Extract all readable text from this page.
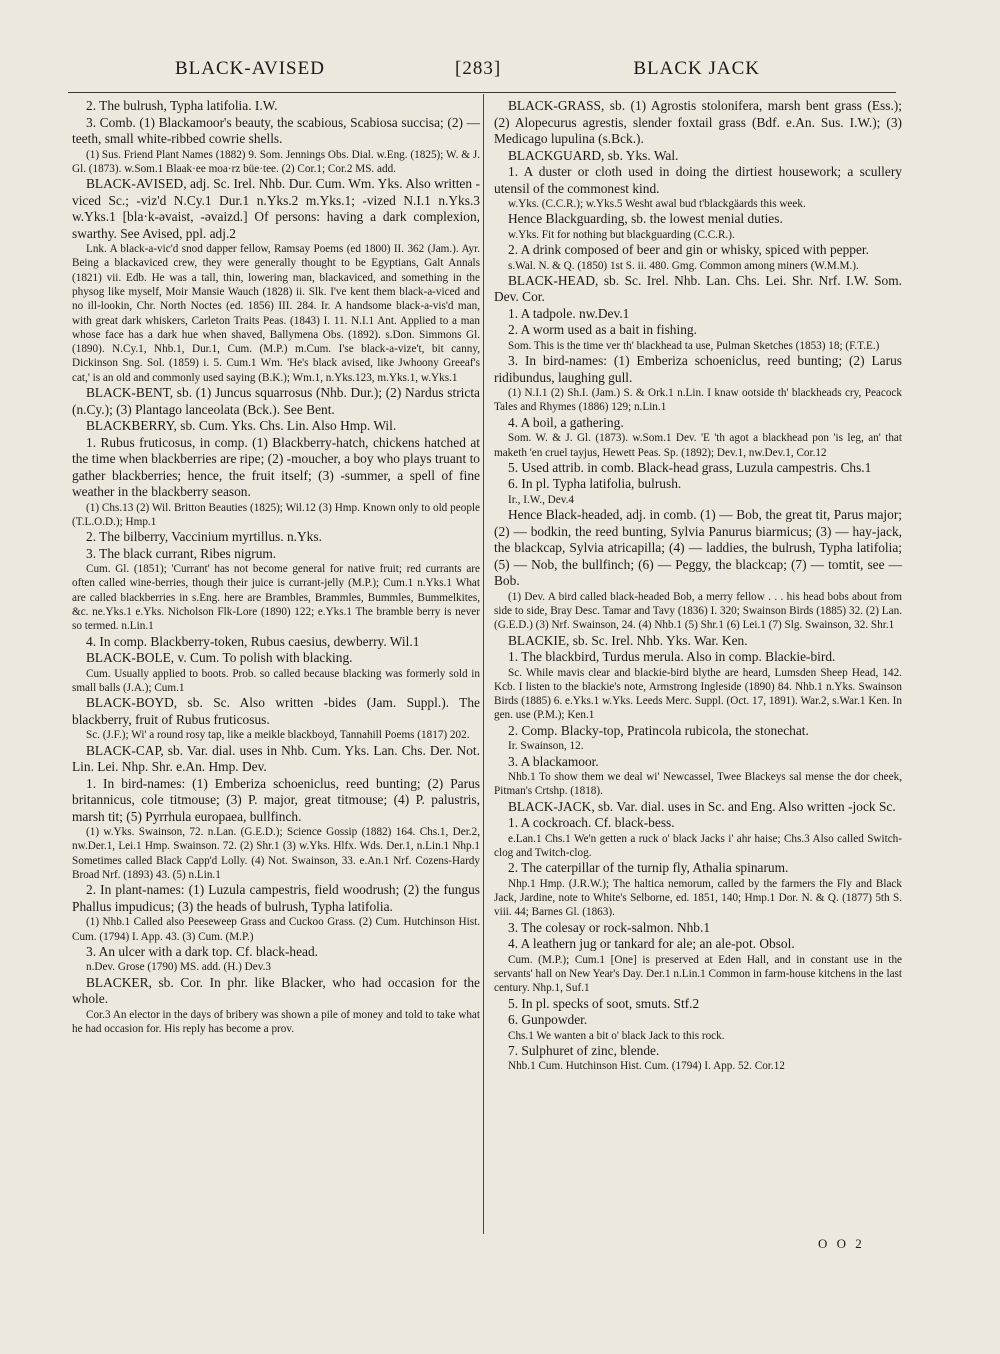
BLACK-AVISED	[283]	BLACK JACK

2. The bulrush, Typha latifolia. I.W.

3. Comb. (1) Blackamoor's beauty, the scabious, Scabiosa succisa; (2) — teeth, small white-ribbed cowrie shells.

(1) Sus. Friend Plant Names (1882) 9. Som. Jennings Obs. Dial. w.Eng. (1825); W. & J. Gl. (1873). w.Som.1 Blaak·ee moa·rz büe·tee. (2) Cor.1; Cor.2 MS. add.

BLACK-AVISED, adj. Sc. Irel. Nhb. Dur. Cum. Wm. Yks. Also written -viced Sc.; -viz'd N.Cy.1 Dur.1 n.Yks.2 m.Yks.1; -vized N.I.1 n.Yks.3 w.Yks.1 [bla·k-əvaist, -əvaizd.] Of persons: having a dark complexion, swarthy. See Avised, ppl. adj.2

Lnk. A black-a-vic'd snod dapper fellow, Ramsay Poems (ed 1800) II. 362 (Jam.). Ayr. Being a blackaviced crew, they were generally thought to be Egyptians, Galt Annals (1821) vii. Edb. He was a tall, thin, lowering man, blackaviced, and something in the physog like myself, Moir Mansie Wauch (1828) ii. Slk. I've kent them black-a-viced and no ill-lookin, Chr. North Noctes (ed. 1856) III. 284. Ir. A handsome black-a-vis'd man, with great dark whiskers, Carleton Traits Peas. (1843) I. 11. N.I.1 Ant. Applied to a man whose face has a dark hue when shaved, Ballymena Obs. (1892). s.Don. Simmons Gl. (1890). N.Cy.1, Nhb.1, Dur.1, Cum. (M.P.) m.Cum. I'se black-a-vize't, bit canny, Dickinson Sng. Sol. (1859) i. 5. Cum.1 Wm. 'He's black avised, like Jwhoony Greeaf's cat,' is an old and commonly used saying (B.K.); Wm.1, n.Yks.123, m.Yks.1, w.Yks.1

BLACK-BENT, sb. (1) Juncus squarrosus (Nhb. Dur.); (2) Nardus stricta (n.Cy.); (3) Plantago lanceolata (Bck.). See Bent.

BLACKBERRY, sb. Cum. Yks. Chs. Lin. Also Hmp. Wil.

1. Rubus fruticosus, in comp. (1) Blackberry-hatch, chickens hatched at the time when blackberries are ripe; (2) -moucher, a boy who plays truant to gather blackberries; hence, the fruit itself; (3) -summer, a spell of fine weather in the blackberry season.

(1) Chs.13 (2) Wil. Britton Beauties (1825); Wil.12 (3) Hmp. Known only to old people (T.L.O.D.); Hmp.1

2. The bilberry, Vaccinium myrtillus. n.Yks.

3. The black currant, Ribes nigrum.

Cum. Gl. (1851); 'Currant' has not become general for native fruit; red currants are often called wine-berries, though their juice is currant-jelly (M.P.); Cum.1 n.Yks.1 What are called blackberries in s.Eng. here are Brambles, Brammles, Bummles, Bummelkites, &c. ne.Yks.1 e.Yks. Nicholson Flk-Lore (1890) 122; e.Yks.1 The bramble berry is never so termed. n.Lin.1

4. In comp. Blackberry-token, Rubus caesius, dewberry. Wil.1

BLACK-BOLE, v. Cum. To polish with blacking.

Cum. Usually applied to boots. Prob. so called because blacking was formerly sold in small balls (J.A.); Cum.1

BLACK-BOYD, sb. Sc. Also written -bides (Jam. Suppl.). The blackberry, fruit of Rubus fruticosus.

Sc. (J.F.); Wi' a round rosy tap, like a meikle blackboyd, Tannahill Poems (1817) 202.

BLACK-CAP, sb. Var. dial. uses in Nhb. Cum. Yks. Lan. Chs. Der. Not. Lin. Lei. Nhp. Shr. e.An. Hmp. Dev.

1. In bird-names: (1) Emberiza schoeniclus, reed bunting; (2) Parus britannicus, cole titmouse; (3) P. major, great titmouse; (4) P. palustris, marsh tit; (5) Pyrrhula europaea, bullfinch.

(1) w.Yks. Swainson, 72. n.Lan. (G.E.D.); Science Gossip (1882) 164. Chs.1, Der.2, nw.Der.1, Lei.1 Hmp. Swainson. 72. (2) Shr.1 (3) w.Yks. Hlfx. Wds. Der.1, n.Lin.1 Nhp.1 Sometimes called Black Capp'd Lolly. (4) Not. Swainson, 33. e.An.1 Nrf. Cozens-Hardy Broad Nrf. (1893) 43. (5) n.Lin.1

2. In plant-names: (1) Luzula campestris, field woodrush; (2) the fungus Phallus impudicus; (3) the heads of bulrush, Typha latifolia.

(1) Nhb.1 Called also Peeseweep Grass and Cuckoo Grass. (2) Cum. Hutchinson Hist. Cum. (1794) I. App. 43. (3) Cum. (M.P.)

3. An ulcer with a dark top. Cf. black-head.

n.Dev. Grose (1790) MS. add. (H.) Dev.3

BLACKER, sb. Cor. In phr. like Blacker, who had occasion for the whole.

Cor.3 An elector in the days of bribery was shown a pile of money and told to take what he had occasion for. His reply has become a prov.

BLACK-GRASS, sb. (1) Agrostis stolonifera, marsh bent grass (Ess.); (2) Alopecurus agrestis, slender foxtail grass (Bdf. e.An. Sus. I.W.); (3) Medicago lupulina (s.Bck.).

BLACKGUARD, sb. Yks. Wal.

1. A duster or cloth used in doing the dirtiest housework; a scullery utensil of the commonest kind.

w.Yks. (C.C.R.); w.Yks.5 Wesht awal bud t'blackgäards this week.

Hence Blackguarding, sb. the lowest menial duties.

w.Yks. Fit for nothing but blackguarding (C.C.R.).

2. A drink composed of beer and gin or whisky, spiced with pepper.

s.Wal. N. & Q. (1850) 1st S. ii. 480. Gmg. Common among miners (W.M.M.).

BLACK-HEAD, sb. Sc. Irel. Nhb. Lan. Chs. Lei. Shr. Nrf. I.W. Som. Dev. Cor.

1. A tadpole. nw.Dev.1

2. A worm used as a bait in fishing.

Som. This is the time ver th' blackhead ta use, Pulman Sketches (1853) 18; (F.T.E.)

3. In bird-names: (1) Emberiza schoeniclus, reed bunting; (2) Larus ridibundus, laughing gull.

(1) N.I.1 (2) Sh.I. (Jam.) S. & Ork.1 n.Lin. I knaw ootside th' blackheads cry, Peacock Tales and Rhymes (1886) 129; n.Lin.1

4. A boil, a gathering.

Som. W. & J. Gl. (1873). w.Som.1 Dev. 'E 'th agot a blackhead pon 'is leg, an' that maketh 'en cruel tayjus, Hewett Peas. Sp. (1892); Dev.1, nw.Dev.1, Cor.12

5. Used attrib. in comb. Black-head grass, Luzula campestris. Chs.1

6. In pl. Typha latifolia, bulrush.

Ir., I.W., Dev.4

Hence Black-headed, adj. in comb. (1) — Bob, the great tit, Parus major; (2) — bodkin, the reed bunting, Sylvia Panurus biarmicus; (3) — hay-jack, the blackcap, Sylvia atricapilla; (4) — laddies, the bulrush, Typha latifolia; (5) — Nob, the bullfinch; (6) — Peggy, the blackcap; (7) — tomtit, see — Bob.

(1) Dev. A bird called black-headed Bob, a merry fellow . . . his head bobs about from side to side, Bray Desc. Tamar and Tavy (1836) I. 320; Swainson Birds (1885) 32. (2) Lan. (G.E.D.) (3) Nrf. Swainson, 24. (4) Nhb.1 (5) Shr.1 (6) Lei.1 (7) Slg. Swainson, 32. Shr.1

BLACKIE, sb. Sc. Irel. Nhb. Yks. War. Ken.

1. The blackbird, Turdus merula. Also in comp. Blackie-bird.

Sc. While mavis clear and blackie-bird blythe are heard, Lumsden Sheep Head, 142. Kcb. I listen to the blackie's note, Armstrong Ingleside (1890) 84. Nhb.1 n.Yks. Swainson Birds (1885) 6. e.Yks.1 w.Yks. Leeds Merc. Suppl. (Oct. 17, 1891). War.2, s.War.1 Ken. In gen. use (P.M.); Ken.1

2. Comp. Blacky-top, Pratincola rubicola, the stonechat.

Ir. Swainson, 12.

3. A blackamoor.

Nhb.1 To show them we deal wi' Newcassel, Twee Blackeys sal mense the dor cheek, Pitman's Crtshp. (1818).

BLACK-JACK, sb. Var. dial. uses in Sc. and Eng. Also written -jock Sc.

1. A cockroach. Cf. black-bess.

e.Lan.1 Chs.1 We'n getten a ruck o' black Jacks i' ahr haise; Chs.3 Also called Switch-clog and Twitch-clog.

2. The caterpillar of the turnip fly, Athalia spinarum.

Nhp.1 Hmp. (J.R.W.); The haltica nemorum, called by the farmers the Fly and Black Jack, Jardine, note to White's Selborne, ed. 1851, 140; Hmp.1 Dor. N. & Q. (1877) 5th S. viii. 44; Barnes Gl. (1863).

3. The colesay or rock-salmon. Nhb.1

4. A leathern jug or tankard for ale; an ale-pot. Obsol.

Cum. (M.P.); Cum.1 [One] is preserved at Eden Hall, and in constant use in the servants' hall on New Year's Day. Der.1 n.Lin.1 Common in farm-house kitchens in the last century. Nhp.1, Suf.1

5. In pl. specks of soot, smuts. Stf.2

6. Gunpowder.

Chs.1 We wanten a bit o' black Jack to this rock.

7. Sulphuret of zinc, blende.

Nhb.1 Cum. Hutchinson Hist. Cum. (1794) I. App. 52. Cor.12

O O 2
